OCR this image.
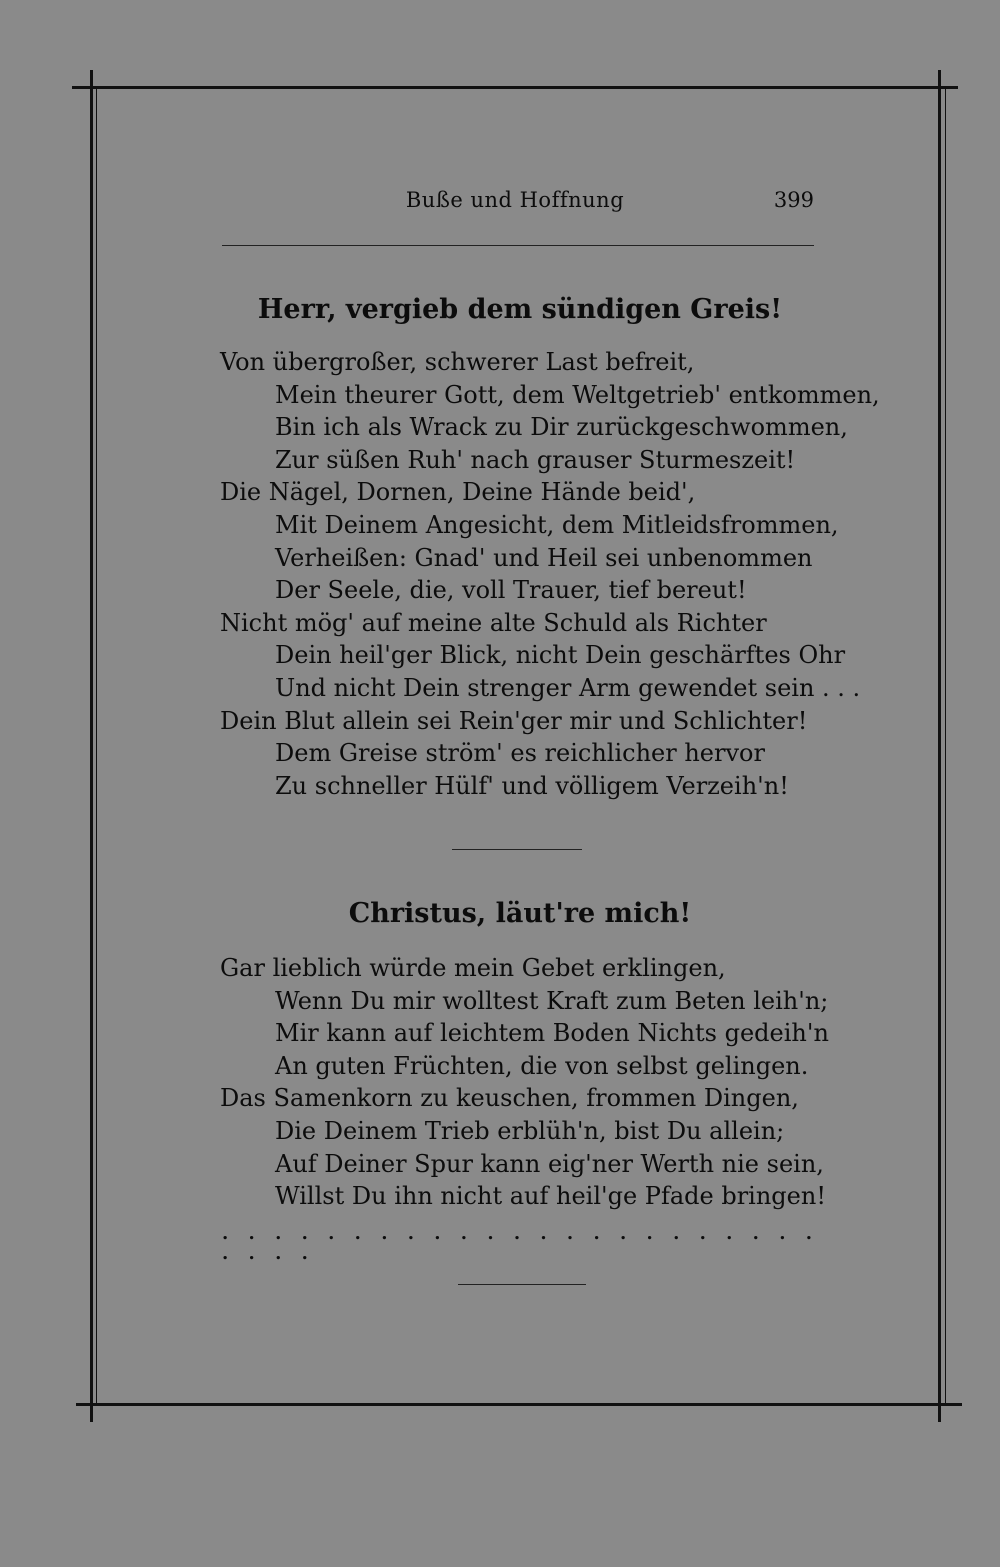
Buße und Hoffnung	399
Herr, vergieb dem sündigen Greis!
Von übergroßer, schwerer Last befreit,
Mein theurer Gott, dem Weltgetrieb' entkommen,
Bin ich als Wrack zu Dir zurückgeschwommen,
Zur süßen Ruh' nach grauser Sturmeszeit!
Die Nägel, Dornen, Deine Hände beid',
Mit Deinem Angesicht, dem Mitleidsfrommen,
Verheißen: Gnad' und Heil sei unbenommen
Der Seele, die, voll Trauer, tief bereut!
Nicht mög' auf meine alte Schuld als Richter
Dein heil'ger Blick, nicht Dein geschärftes Ohr
Und nicht Dein strenger Arm gewendet sein . . .
Dein Blut allein sei Rein'ger mir und Schlichter!
Dem Greise ström' es reichlicher hervor
Zu schneller Hülf' und völligem Verzeih'n!
Christus, läut're mich!
Gar lieblich würde mein Gebet erklingen,
Wenn Du mir wolltest Kraft zum Beten leih'n;
Mir kann auf leichtem Boden Nichts gedeih'n
An guten Früchten, die von selbst gelingen.
Das Samenkorn zu keuschen, frommen Dingen,
Die Deinem Trieb erblüh'n, bist Du allein;
Auf Deiner Spur kann eig'ner Werth nie sein,
Willst Du ihn nicht auf heil'ge Pfade bringen!
. . . . . . . . . . . . . . . . . . . . . . . . . . .
